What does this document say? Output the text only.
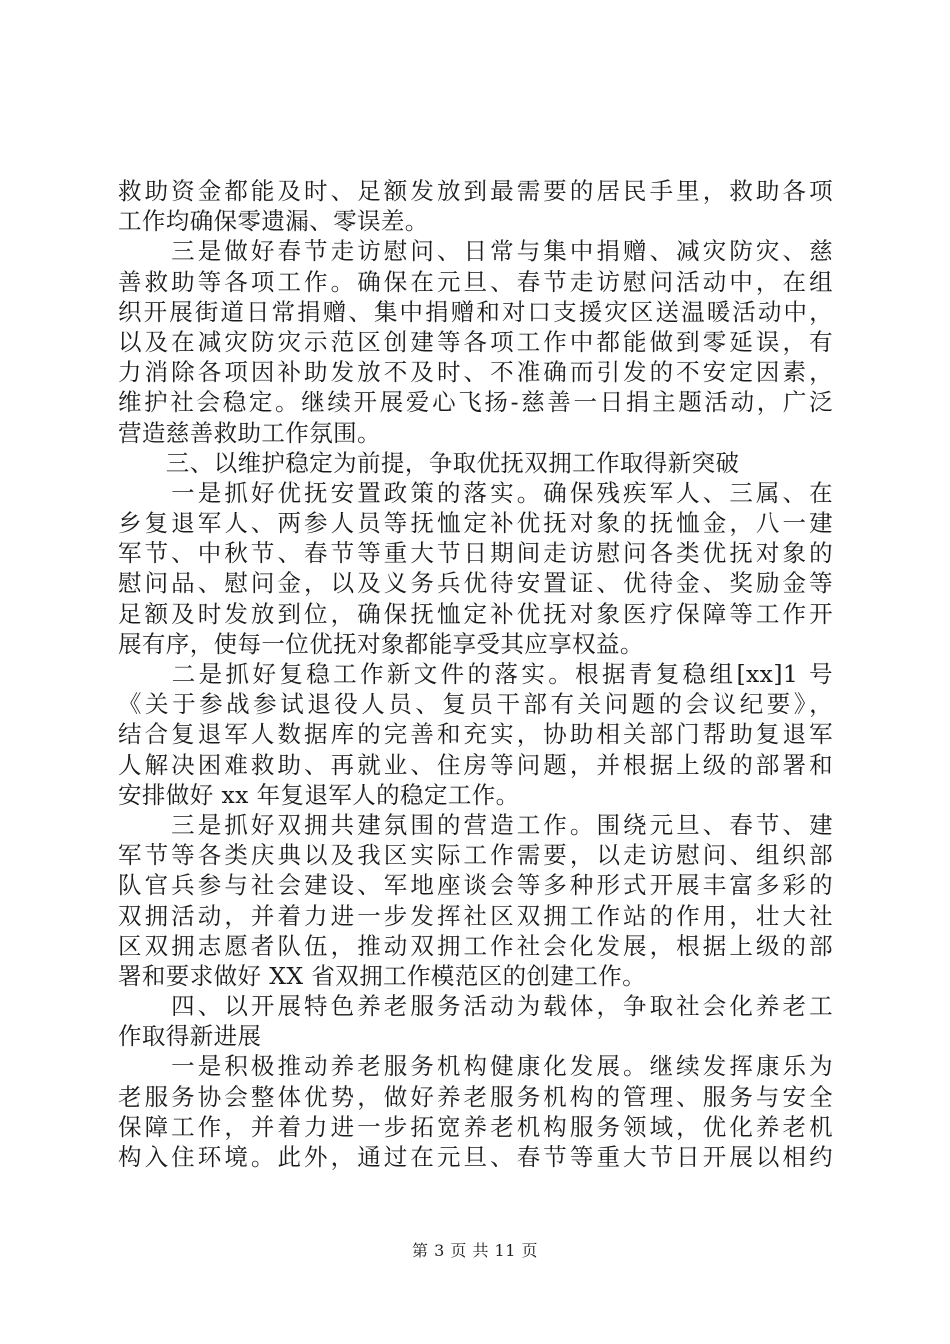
救助资金都能及时、足额发放到最需要的居民手里，救助各项
工作均确保零遗漏、零误差。
　　三是做好春节走访慰问、日常与集中捐赠、减灾防灾、慈
善救助等各项工作。确保在元旦、春节走访慰问活动中，在组
织开展街道日常捐赠、集中捐赠和对口支援灾区送温暖活动中，
以及在减灾防灾示范区创建等各项工作中都能做到零延误，有
力消除各项因补助发放不及时、不准确而引发的不安定因素，
维护社会稳定。继续开展爱心飞扬-慈善一日捐主题活动，广泛
营造慈善救助工作氛围。
　　三、以维护稳定为前提，争取优抚双拥工作取得新突破
　　一是抓好优抚安置政策的落实。确保残疾军人、三属、在
乡复退军人、两参人员等抚恤定补优抚对象的抚恤金，八一建
军节、中秋节、春节等重大节日期间走访慰问各类优抚对象的
慰问品、慰问金，以及义务兵优待安置证、优待金、奖励金等
足额及时发放到位，确保抚恤定补优抚对象医疗保障等工作开
展有序，使每一位优抚对象都能享受其应享权益。
　　二是抓好复稳工作新文件的落实。根据青复稳组[xx]1 号
《关于参战参试退役人员、复员干部有关问题的会议纪要》，
结合复退军人数据库的完善和充实，协助相关部门帮助复退军
人解决困难救助、再就业、住房等问题，并根据上级的部署和
安排做好 xx 年复退军人的稳定工作。
　　三是抓好双拥共建氛围的营造工作。围绕元旦、春节、建
军节等各类庆典以及我区实际工作需要，以走访慰问、组织部
队官兵参与社会建设、军地座谈会等多种形式开展丰富多彩的
双拥活动，并着力进一步发挥社区双拥工作站的作用，壮大社
区双拥志愿者队伍，推动双拥工作社会化发展，根据上级的部
署和要求做好 XX 省双拥工作模范区的创建工作。
　　四、以开展特色养老服务活动为载体，争取社会化养老工
作取得新进展
　　一是积极推动养老服务机构健康化发展。继续发挥康乐为
老服务协会整体优势，做好养老服务机构的管理、服务与安全
保障工作，并着力进一步拓宽养老机构服务领域，优化养老机
构入住环境。此外，通过在元旦、春节等重大节日开展以相约
第 3 页 共 11 页
